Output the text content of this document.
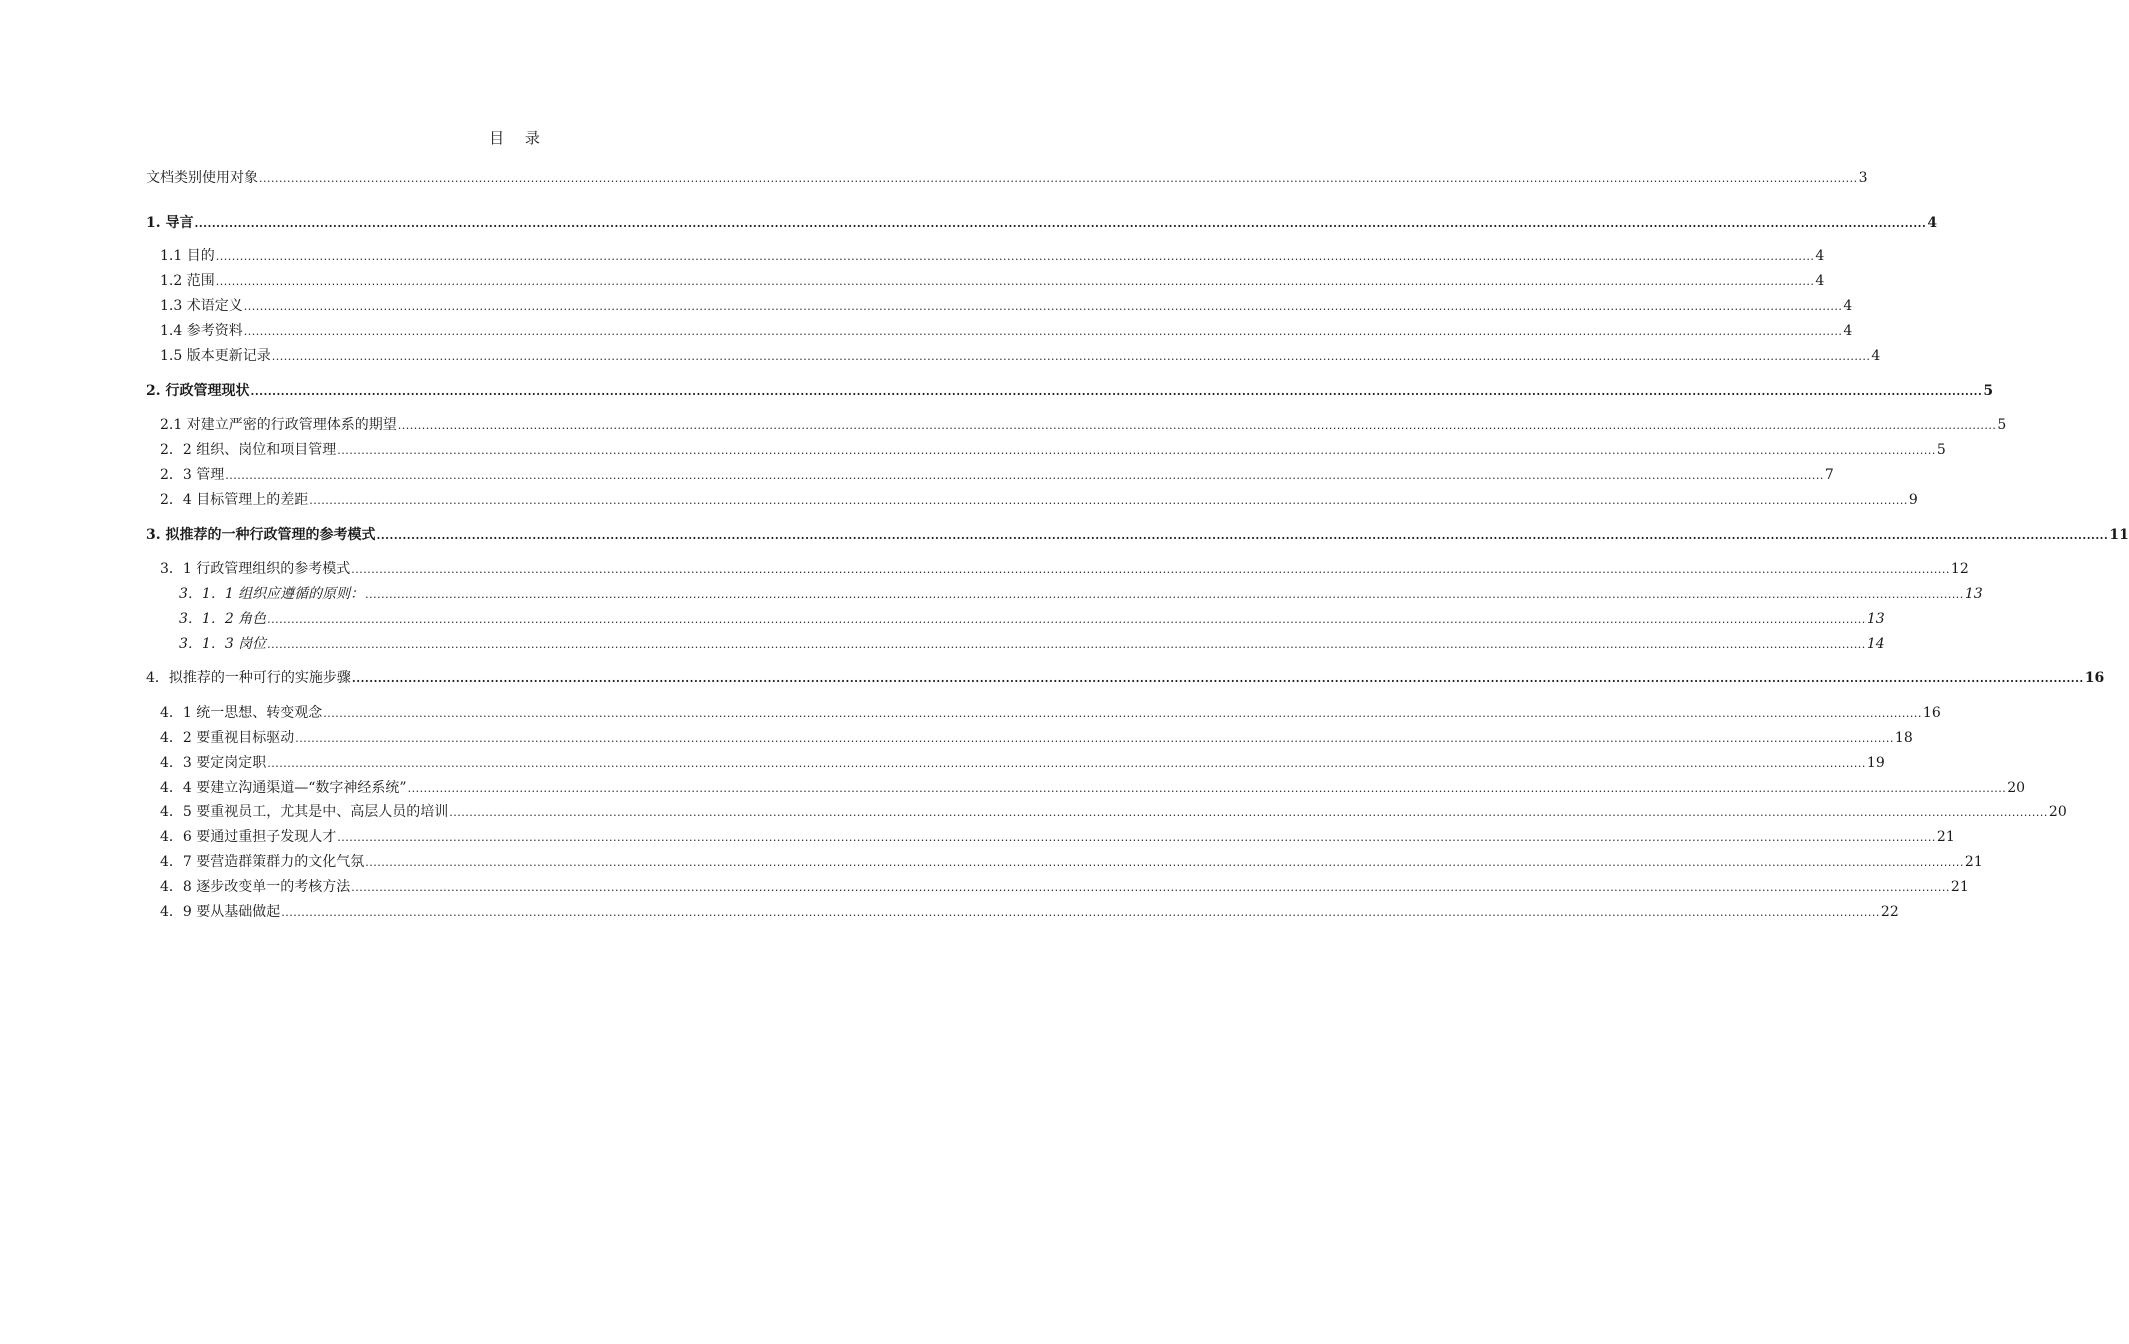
目 录
文档类别使用对象 ................................................................................................................................................................................................................................................................................................................................................................................................................ 3
1. 导言 ................................................................................................................................................................................................................................................................................................................................................................................................................ 4
1.1 目的 ................................................................................................................................................................................................................................................................................................................................................................................................................ 4
1.2 范围 ................................................................................................................................................................................................................................................................................................................................................................................................................ 4
1.3 术语定义 ................................................................................................................................................................................................................................................................................................................................................................................................................ 4
1.4 参考资料 ................................................................................................................................................................................................................................................................................................................................................................................................................ 4
1.5 版本更新记录 ................................................................................................................................................................................................................................................................................................................................................................................................................ 4
2. 行政管理现状 ................................................................................................................................................................................................................................................................................................................................................................................................................ 5
2.1 对建立严密的行政管理体系的期望 ................................................................................................................................................................................................................................................................................................................................................................................................................ 5
2．2 组织、岗位和项目管理 ................................................................................................................................................................................................................................................................................................................................................................................................................ 5
2．3 管理 ................................................................................................................................................................................................................................................................................................................................................................................................................ 7
2．4 目标管理上的差距 ................................................................................................................................................................................................................................................................................................................................................................................................................ 9
3. 拟推荐的一种行政管理的参考模式 ................................................................................................................................................................................................................................................................................................................................................................................................................ 11
3．1 行政管理组织的参考模式 ................................................................................................................................................................................................................................................................................................................................................................................................................ 12
3．1．1 组织应遵循的原则： ................................................................................................................................................................................................................................................................................................................................................................................................................ 13
3．1．2 角色 ................................................................................................................................................................................................................................................................................................................................................................................................................ 13
3．1．3 岗位 ................................................................................................................................................................................................................................................................................................................................................................................................................ 14
4．拟推荐的一种可行的实施步骤 ................................................................................................................................................................................................................................................................................................................................................................................................................ 16
4．1 统一思想、转变观念 ................................................................................................................................................................................................................................................................................................................................................................................................................ 16
4．2 要重视目标驱动 ................................................................................................................................................................................................................................................................................................................................................................................................................ 18
4．3 要定岗定职 ................................................................................................................................................................................................................................................................................................................................................................................................................ 19
4．4 要建立沟通渠道—“数字神经系统” ................................................................................................................................................................................................................................................................................................................................................................................................................ 20
4．5 要重视员工，尤其是中、高层人员的培训 ................................................................................................................................................................................................................................................................................................................................................................................................................ 20
4．6 要通过重担子发现人才 ................................................................................................................................................................................................................................................................................................................................................................................................................ 21
4．7 要营造群策群力的文化气氛 ................................................................................................................................................................................................................................................................................................................................................................................................................ 21
4．8 逐步改变单一的考核方法 ................................................................................................................................................................................................................................................................................................................................................................................................................ 21
4．9 要从基础做起 ................................................................................................................................................................................................................................................................................................................................................................................................................ 22
